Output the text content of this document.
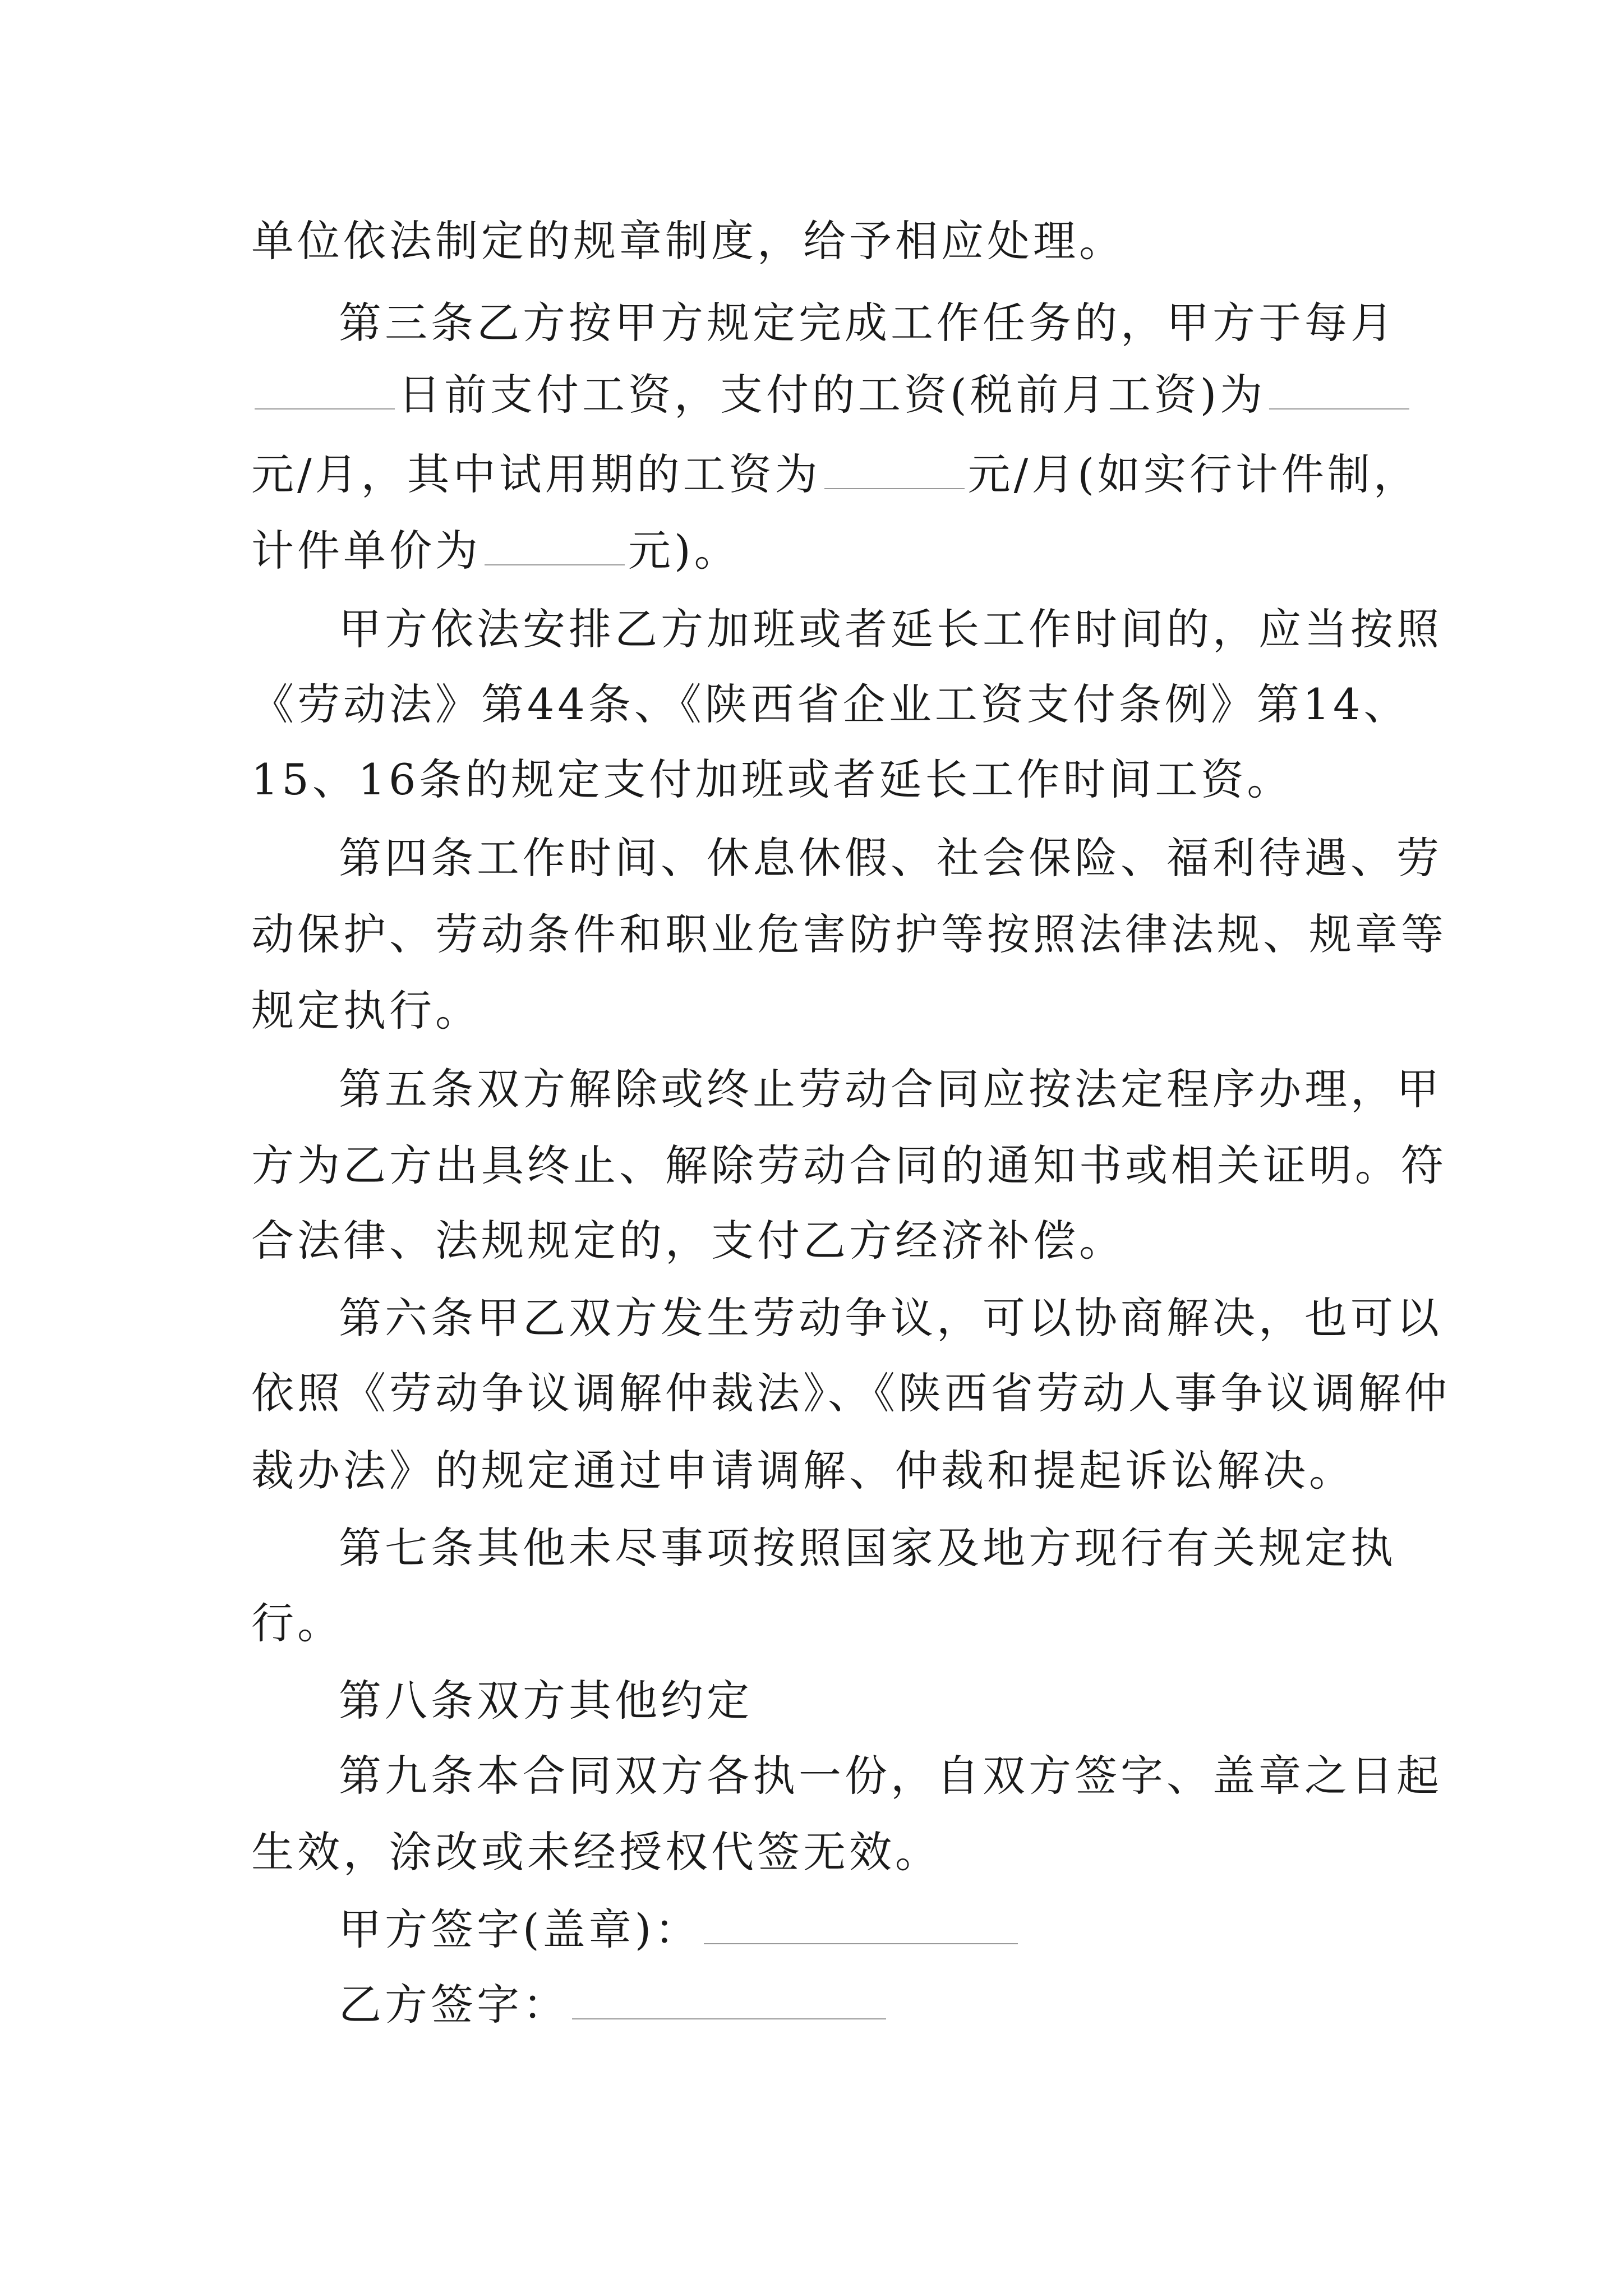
单位依法制定的规章制度，给予相应处理。
第三条乙方按甲方规定完成工作任务的，甲方于每月
日前支付工资，支付的工资(税前月工资)为
元/月，其中试用期的工资为	元/月(如实行计件制，
计件单价为	元)。
甲方依法安排乙方加班或者延长工作时间的，应当按照
《劳动法》第44条、《陕西省企业工资支付条例》第14、
15、16条的规定支付加班或者延长工作时间工资。
第四条工作时间、休息休假、社会保险、福利待遇、劳
动保护、劳动条件和职业危害防护等按照法律法规、规章等
规定执行。
第五条双方解除或终止劳动合同应按法定程序办理，甲
方为乙方出具终止、解除劳动合同的通知书或相关证明。符
合法律、法规规定的，支付乙方经济补偿。
第六条甲乙双方发生劳动争议，可以协商解决，也可以
依照《劳动争议调解仲裁法》、《陕西省劳动人事争议调解仲
裁办法》的规定通过申请调解、仲裁和提起诉讼解决。
第七条其他未尽事项按照国家及地方现行有关规定执
行。
第八条双方其他约定
第九条本合同双方各执一份，自双方签字、盖章之日起
生效，涂改或未经授权代签无效。
甲方签字(盖章)：
乙方签字：
